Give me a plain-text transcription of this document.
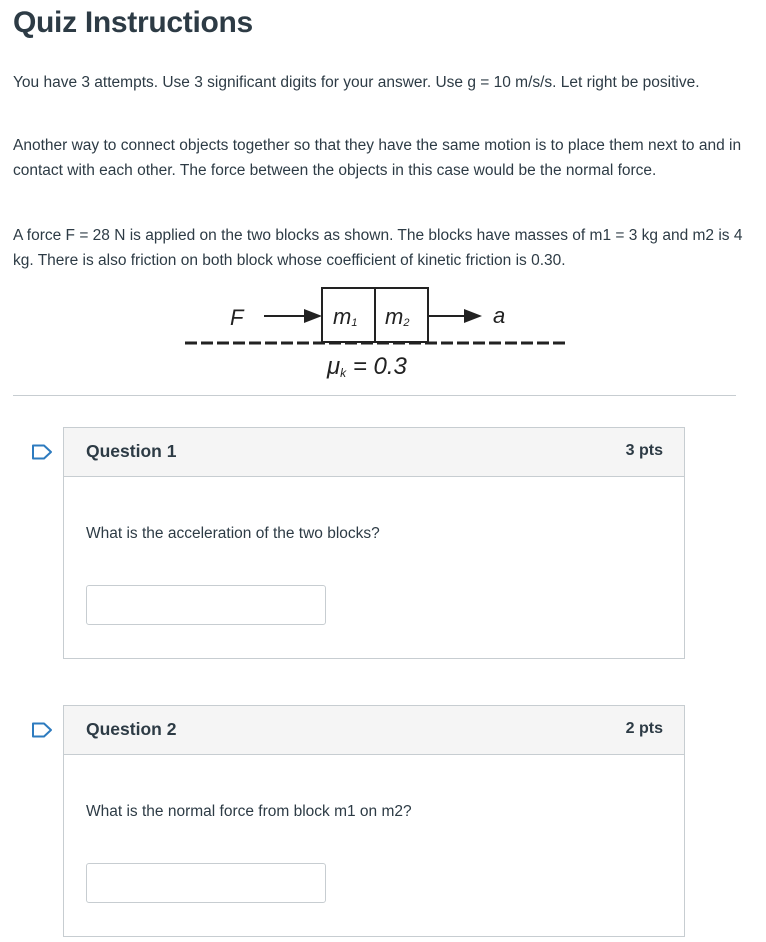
Quiz Instructions

You have 3 attempts. Use 3 significant digits for your answer. Use g = 10 m/s/s. Let right be positive.

Another way to connect objects together so that they have the same motion is to place them next to and in contact with each other. The force between the objects in this case would be the normal force.

A force F = 28 N is applied on the two blocks as shown. The blocks have masses of m1 = 3 kg and m2 is 4 kg. There is also friction on both block whose coefficient of kinetic friction is 0.30.

F	m1 m2	a
μk = 0.3
Question 1	3 pts

What is the acceleration of the two blocks?

Question 2	2 pts

What is the normal force from block m1 on m2?
